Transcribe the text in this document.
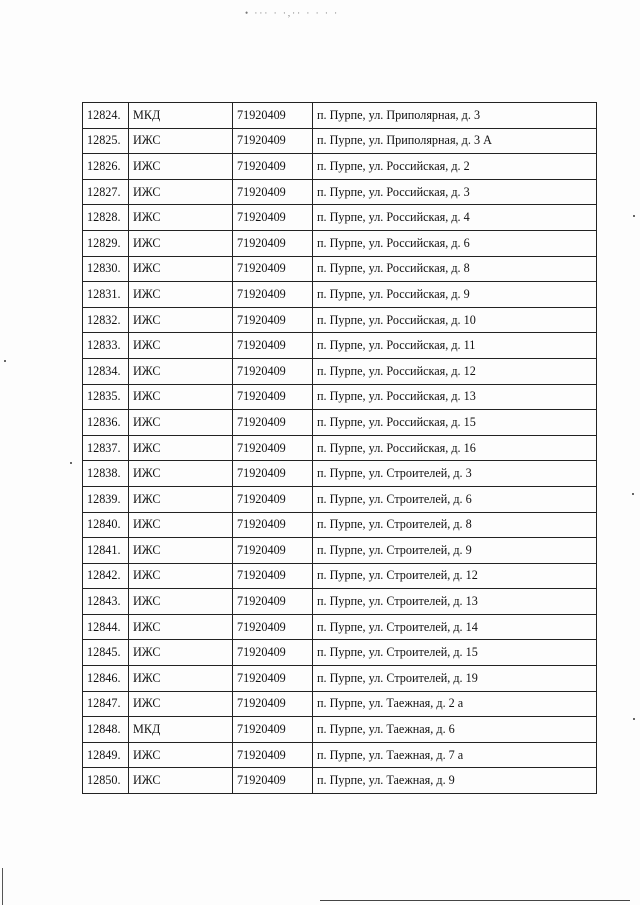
• ··· · ·,·· · · · ·
12824.	МКД	71920409	п. Пурпе, ул. Приполярная, д. 3
12825.	ИЖС	71920409	п. Пурпе, ул. Приполярная, д. 3 А
12826.	ИЖС	71920409	п. Пурпе, ул. Российская, д. 2
12827.	ИЖС	71920409	п. Пурпе, ул. Российская, д. 3
12828.	ИЖС	71920409	п. Пурпе, ул. Российская, д. 4
12829.	ИЖС	71920409	п. Пурпе, ул. Российская, д. 6
12830.	ИЖС	71920409	п. Пурпе, ул. Российская, д. 8
12831.	ИЖС	71920409	п. Пурпе, ул. Российская, д. 9
12832.	ИЖС	71920409	п. Пурпе, ул. Российская, д. 10
12833.	ИЖС	71920409	п. Пурпе, ул. Российская, д. 11
12834.	ИЖС	71920409	п. Пурпе, ул. Российская, д. 12
12835.	ИЖС	71920409	п. Пурпе, ул. Российская, д. 13
12836.	ИЖС	71920409	п. Пурпе, ул. Российская, д. 15
12837.	ИЖС	71920409	п. Пурпе, ул. Российская, д. 16
12838.	ИЖС	71920409	п. Пурпе, ул. Строителей, д. 3
12839.	ИЖС	71920409	п. Пурпе, ул. Строителей, д. 6
12840.	ИЖС	71920409	п. Пурпе, ул. Строителей, д. 8
12841.	ИЖС	71920409	п. Пурпе, ул. Строителей, д. 9
12842.	ИЖС	71920409	п. Пурпе, ул. Строителей, д. 12
12843.	ИЖС	71920409	п. Пурпе, ул. Строителей, д. 13
12844.	ИЖС	71920409	п. Пурпе, ул. Строителей, д. 14
12845.	ИЖС	71920409	п. Пурпе, ул. Строителей, д. 15
12846.	ИЖС	71920409	п. Пурпе, ул. Строителей, д. 19
12847.	ИЖС	71920409	п. Пурпе, ул. Таежная, д. 2 а
12848.	МКД	71920409	п. Пурпе, ул. Таежная, д. 6
12849.	ИЖС	71920409	п. Пурпе, ул. Таежная, д. 7 а
12850.	ИЖС	71920409	п. Пурпе, ул. Таежная, д. 9
